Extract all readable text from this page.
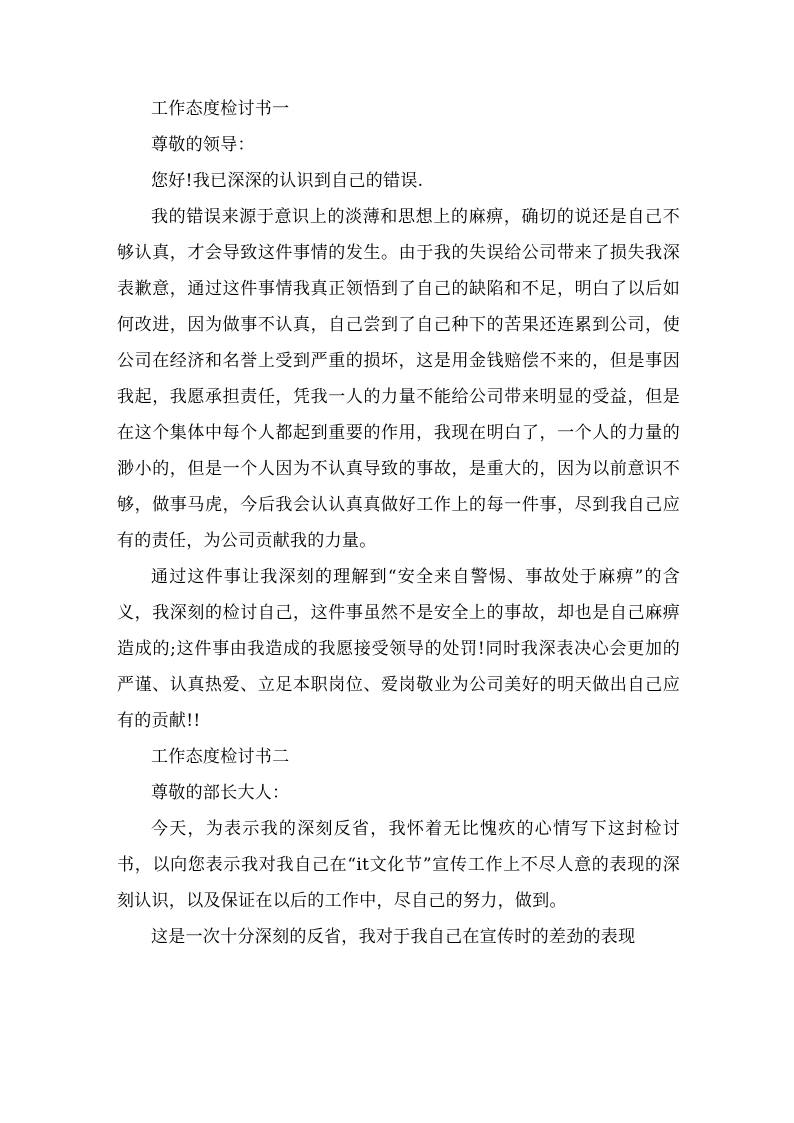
工作态度检讨书一

尊敬的领导：

您好!我已深深的认识到自己的错误.

我的错误来源于意识上的淡薄和思想上的麻痹，确切的说还是自己不够认真，才会导致这件事情的发生。由于我的失误给公司带来了损失我深表歉意，通过这件事情我真正领悟到了自己的缺陷和不足，明白了以后如何改进，因为做事不认真，自己尝到了自己种下的苦果还连累到公司，使公司在经济和名誉上受到严重的损坏，这是用金钱赔偿不来的，但是事因我起，我愿承担责任，凭我一人的力量不能给公司带来明显的受益，但是在这个集体中每个人都起到重要的作用，我现在明白了，一个人的力量的渺小的，但是一个人因为不认真导致的事故，是重大的，因为以前意识不够，做事马虎，今后我会认认真真做好工作上的每一件事，尽到我自己应有的责任，为公司贡献我的力量。

通过这件事让我深刻的理解到“安全来自警惕、事故处于麻痹”的含义，我深刻的检讨自己，这件事虽然不是安全上的事故，却也是自己麻痹造成的;这件事由我造成的我愿接受领导的处罚!同时我深表决心会更加的严谨、认真热爱、立足本职岗位、爱岗敬业为公司美好的明天做出自己应有的贡献!!

工作态度检讨书二

尊敬的部长大人：

今天，为表示我的深刻反省，我怀着无比愧疚的心情写下这封检讨书，以向您表示我对我自己在“it文化节”宣传工作上不尽人意的表现的深刻认识，以及保证在以后的工作中，尽自己的努力，做到。

这是一次十分深刻的反省，我对于我自己在宣传时的差劲的表现
